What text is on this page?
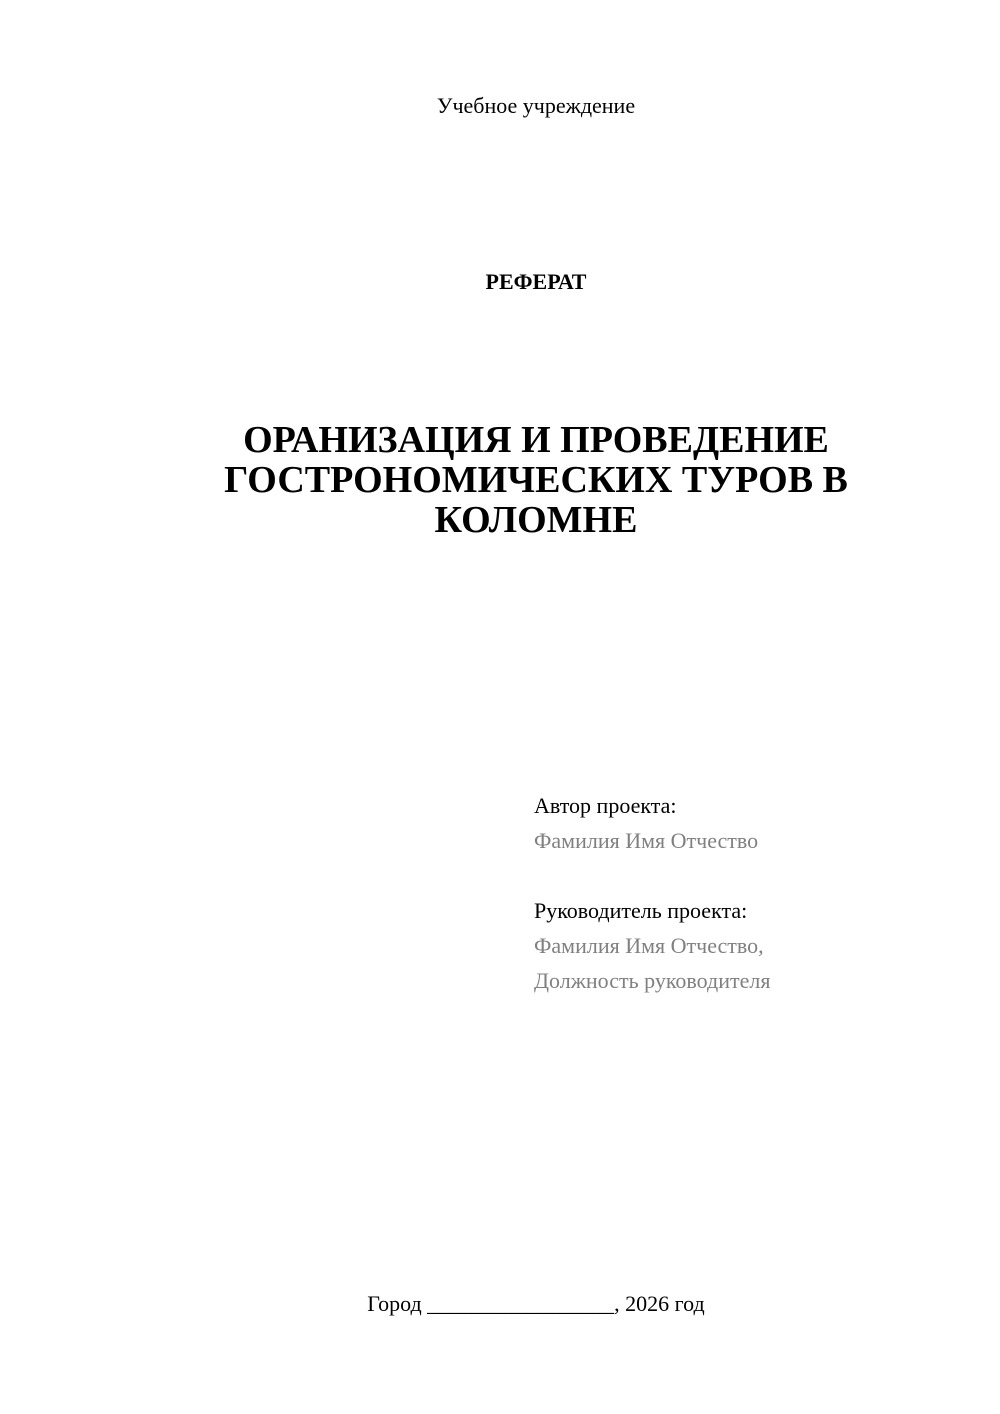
Учебное учреждение
РЕФЕРАТ
ОРАНИЗАЦИЯ И ПРОВЕДЕНИЕ
ГОСТРОНОМИЧЕСКИХ ТУРОВ В
КОЛОМНЕ
Автор проекта:
Фамилия Имя Отчество
Руководитель проекта:
Фамилия Имя Отчество,
Должность руководителя
Город _________________, 2026 год
